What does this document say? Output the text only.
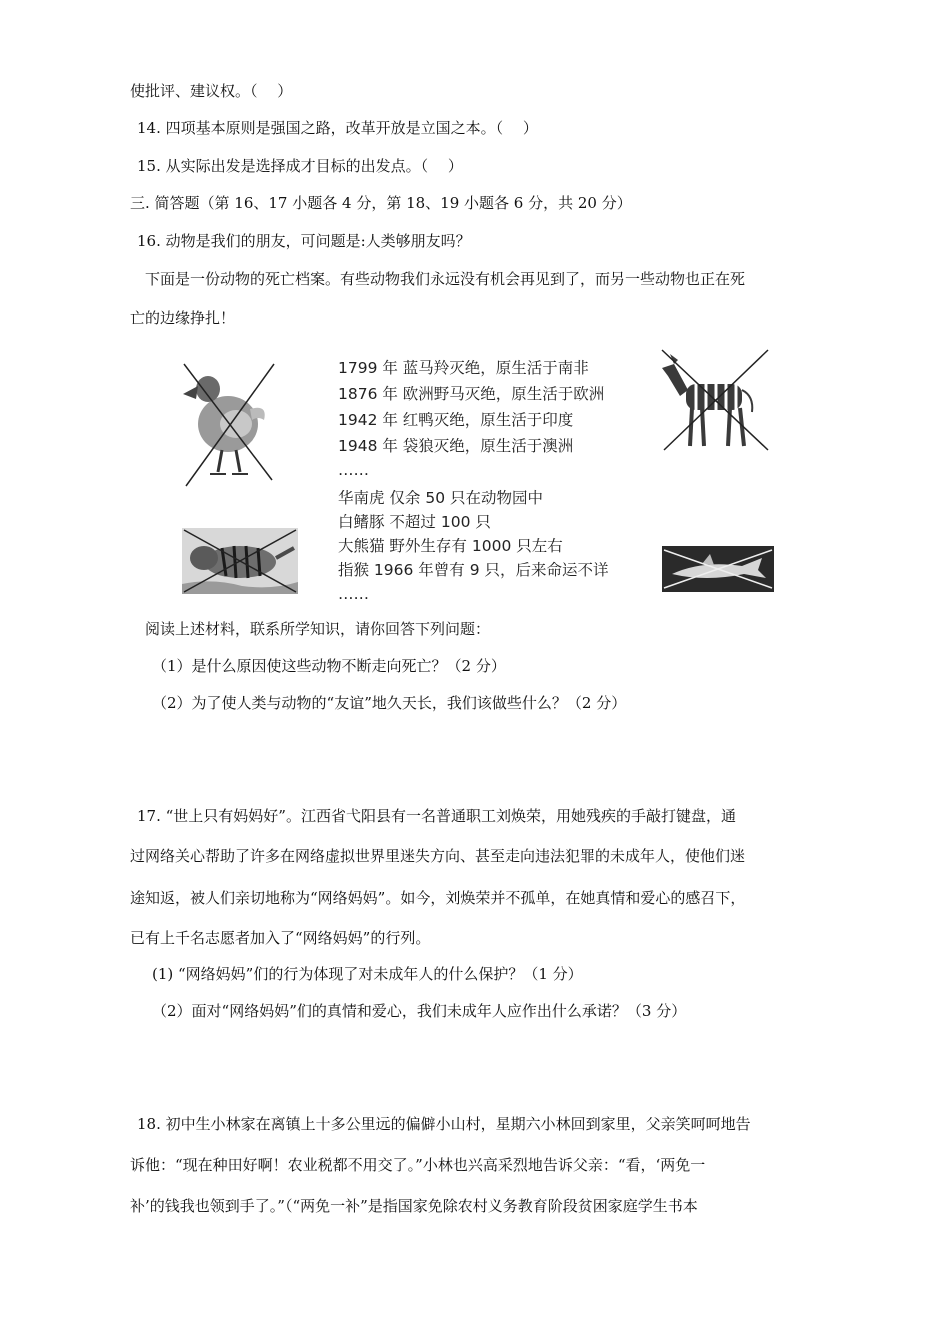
使批评、建议权。（　 ）
14. 四项基本原则是强国之路，改革开放是立国之本。（　 ）
15. 从实际出发是选择成才目标的出发点。（　 ）
三. 简答题（第 16、17 小题各 4 分，第 18、19 小题各 6 分，共 20 分）
16. 动物是我们的朋友，可问题是:人类够朋友吗？
下面是一份动物的死亡档案。有些动物我们永远没有机会再见到了，而另一些动物也正在死
亡的边缘挣扎！
1799 年 蓝马羚灭绝，原生活于南非
1876 年 欧洲野马灭绝，原生活于欧洲
1942 年 红鸭灭绝，原生活于印度
1948 年 袋狼灭绝，原生活于澳洲
……
华南虎 仅余 50 只在动物园中
白鳍豚 不超过 100 只
大熊猫 野外生存有 1000 只左右
指猴 1966 年曾有 9 只，后来命运不详
……
阅读上述材料，联系所学知识，请你回答下列问题：
（1）是什么原因使这些动物不断走向死亡？（2 分）
（2）为了使人类与动物的“友谊”地久天长，我们该做些什么？（2 分）
17. “世上只有妈妈好”。江西省弋阳县有一名普通职工刘焕荣，用她残疾的手敲打键盘，通
过网络关心帮助了许多在网络虚拟世界里迷失方向、甚至走向违法犯罪的未成年人，使他们迷
途知返，被人们亲切地称为“网络妈妈”。如今，刘焕荣并不孤单，在她真情和爱心的感召下，
已有上千名志愿者加入了“网络妈妈”的行列。
(1) “网络妈妈”们的行为体现了对未成年人的什么保护？（1 分）
（2）面对“网络妈妈”们的真情和爱心，我们未成年人应作出什么承诺？（3 分）
18. 初中生小林家在离镇上十多公里远的偏僻小山村，星期六小林回到家里，父亲笑呵呵地告
诉他：“现在种田好啊！农业税都不用交了。”小林也兴高采烈地告诉父亲：“看，‘两免一
补’的钱我也领到手了。”（“两免一补”是指国家免除农村义务教育阶段贫困家庭学生书本
